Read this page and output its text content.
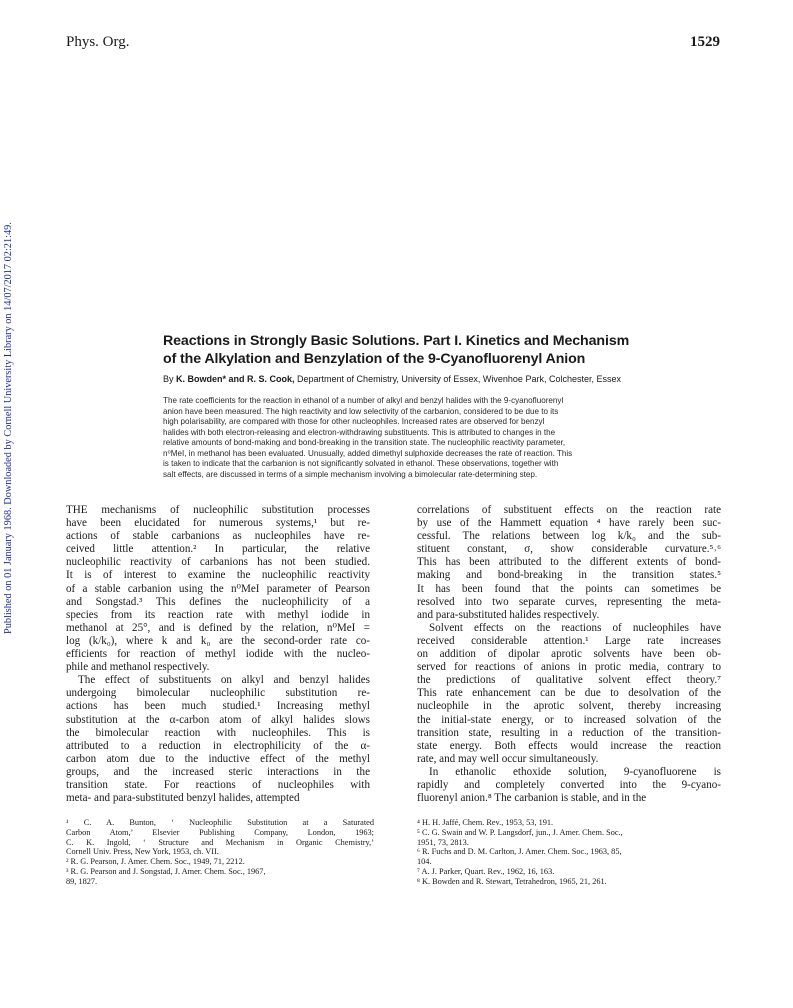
Phys. Org.	1529
Published on 01 January 1968. Downloaded by Cornell University Library on 14/07/2017 02:21:49.	Reactions in Strongly Basic Solutions. Part I. Kinetics and Mechanism
of the Alkylation and Benzylation of the 9-Cyanofluorenyl Anion
By K. Bowden* and R. S. Cook, Department of Chemistry, University of Essex, Wivenhoe Park, Colchester, Essex
The rate coefficients for the reaction in ethanol of a number of alkyl and benzyl halides with the 9-cyanofluorenyl
anion have been measured. The high reactivity and low selectivity of the carbanion, considered to be due to its
high polarisability, are compared with those for other nucleophiles. Increased rates are observed for benzyl
halides with both electron-releasing and electron-withdrawing substituents. This is attributed to changes in the
relative amounts of bond-making and bond-breaking in the transition state. The nucleophilic reactivity parameter,
n⁰MeI, in methanol has been evaluated. Unusually, added dimethyl sulphoxide decreases the rate of reaction. This
is taken to indicate that the carbanion is not significantly solvated in ethanol. These observations, together with
salt effects, are discussed in terms of a simple mechanism involving a bimolecular rate-determining step.
THE mechanisms of nucleophilic substitution processes
have been elucidated for numerous systems,¹ but re-
actions of stable carbanions as nucleophiles have re-
ceived little attention.² In particular, the relative
nucleophilic reactivity of carbanions has not been studied.
It is of interest to examine the nucleophilic reactivity
of a stable carbanion using the n⁰MeI parameter of Pearson
and Songstad.³ This defines the nucleophilicity of a
species from its reaction rate with methyl iodide in
methanol at 25°, and is defined by the relation, n⁰MeI =
log (k/k₀), where k and k₀ are the second-order rate co-
efficients for reaction of methyl iodide with the nucleo-
phile and methanol respectively.
The effect of substituents on alkyl and benzyl halides
undergoing bimolecular nucleophilic substitution re-
actions has been much studied.¹ Increasing methyl
substitution at the α-carbon atom of alkyl halides slows
the bimolecular reaction with nucleophiles. This is
attributed to a reduction in electrophilicity of the α-
carbon atom due to the inductive effect of the methyl
groups, and the increased steric interactions in the
transition state. For reactions of nucleophiles with
meta- and para-substituted benzyl halides, attempted
correlations of substituent effects on the reaction rate
by use of the Hammett equation ⁴ have rarely been suc-
cessful. The relations between log k/k₀ and the sub-
stituent constant, σ, show considerable curvature.⁵˒⁶
This has been attributed to the different extents of bond-
making and bond-breaking in the transition states.⁵
It has been found that the points can sometimes be
resolved into two separate curves, representing the meta-
and para-substituted halides respectively.
Solvent effects on the reactions of nucleophiles have
received considerable attention.¹ Large rate increases
on addition of dipolar aprotic solvents have been ob-
served for reactions of anions in protic media, contrary to
the predictions of qualitative solvent effect theory.⁷
This rate enhancement can be due to desolvation of the
nucleophile in the aprotic solvent, thereby increasing
the initial-state energy, or to increased solvation of the
transition state, resulting in a reduction of the transition-
state energy. Both effects would increase the reaction
rate, and may well occur simultaneously.
In ethanolic ethoxide solution, 9-cyanofluorene is
rapidly and completely converted into the 9-cyano-
fluorenyl anion.⁸ The carbanion is stable, and in the
¹ C. A. Bunton, ‘ Nucleophilic Substitution at a Saturated
Carbon Atom,’ Elsevier Publishing Company, London, 1963;
C. K. Ingold, ‘ Structure and Mechanism in Organic Chemistry,’
Cornell Univ. Press, New York, 1953, ch. VII.
² R. G. Pearson, J. Amer. Chem. Soc., 1949, 71, 2212.
³ R. G. Pearson and J. Songstad, J. Amer. Chem. Soc., 1967,
89, 1827.
⁴ H. H. Jaffé, Chem. Rev., 1953, 53, 191.
⁵ C. G. Swain and W. P. Langsdorf, jun., J. Amer. Chem. Soc.,
1951, 73, 2813.
⁶ R. Fuchs and D. M. Carlton, J. Amer. Chem. Soc., 1963, 85,
104.
⁷ A. J. Parker, Quart. Rev., 1962, 16, 163.
⁸ K. Bowden and R. Stewart, Tetrahedron, 1965, 21, 261.
